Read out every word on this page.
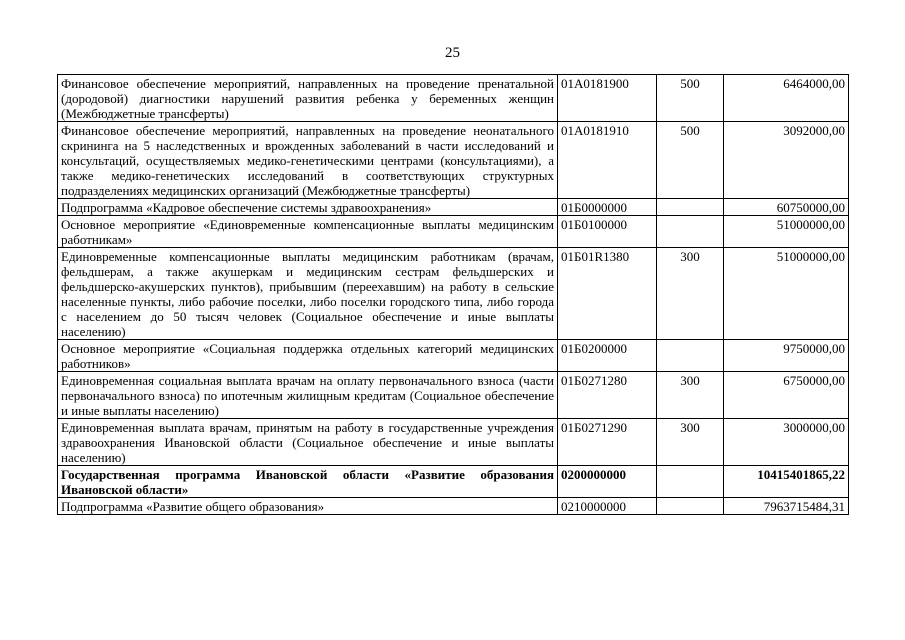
25
Финансовое обеспечение мероприятий, направленных на проведение пренатальной (дородовой) диагностики нарушений развития ребенка у беременных женщин (Межбюджетные трансферты)	01А0181900	500	6464000,00
Финансовое обеспечение мероприятий, направленных на проведение неонатального скрининга на 5 наследственных и врожденных заболеваний в части исследований и консультаций, осуществляемых медико-генетическими центрами (консультациями), а также медико-генетических исследований в соответствующих структурных подразделениях медицинских организаций (Межбюджетные трансферты)	01А0181910	500	3092000,00
Подпрограмма «Кадровое обеспечение системы здравоохранения»	01Б0000000		60750000,00
Основное мероприятие «Единовременные компенсационные выплаты медицинским работникам»	01Б0100000		51000000,00
Единовременные компенсационные выплаты медицинским работникам (врачам, фельдшерам, а также акушеркам и медицинским сестрам фельдшерских и фельдшерско-акушерских пунктов), прибывшим (переехавшим) на работу в сельские населенные пункты, либо рабочие поселки, либо поселки городского типа, либо города с населением до 50 тысяч человек (Социальное обеспечение и иные выплаты населению)	01Б01R1380	300	51000000,00
Основное мероприятие «Социальная поддержка отдельных категорий медицинских работников»	01Б0200000		9750000,00
Единовременная социальная выплата врачам на оплату первоначального взноса (части первоначального взноса) по ипотечным жилищным кредитам (Социальное обеспечение и иные выплаты населению)	01Б0271280	300	6750000,00
Единовременная выплата врачам, принятым на работу в государственные учреждения здравоохранения Ивановской области (Социальное обеспечение и иные выплаты населению)	01Б0271290	300	3000000,00
Государственная программа Ивановской области «Развитие образования Ивановской области»	0200000000		10415401865,22
Подпрограмма «Развитие общего образования»	0210000000		7963715484,31
